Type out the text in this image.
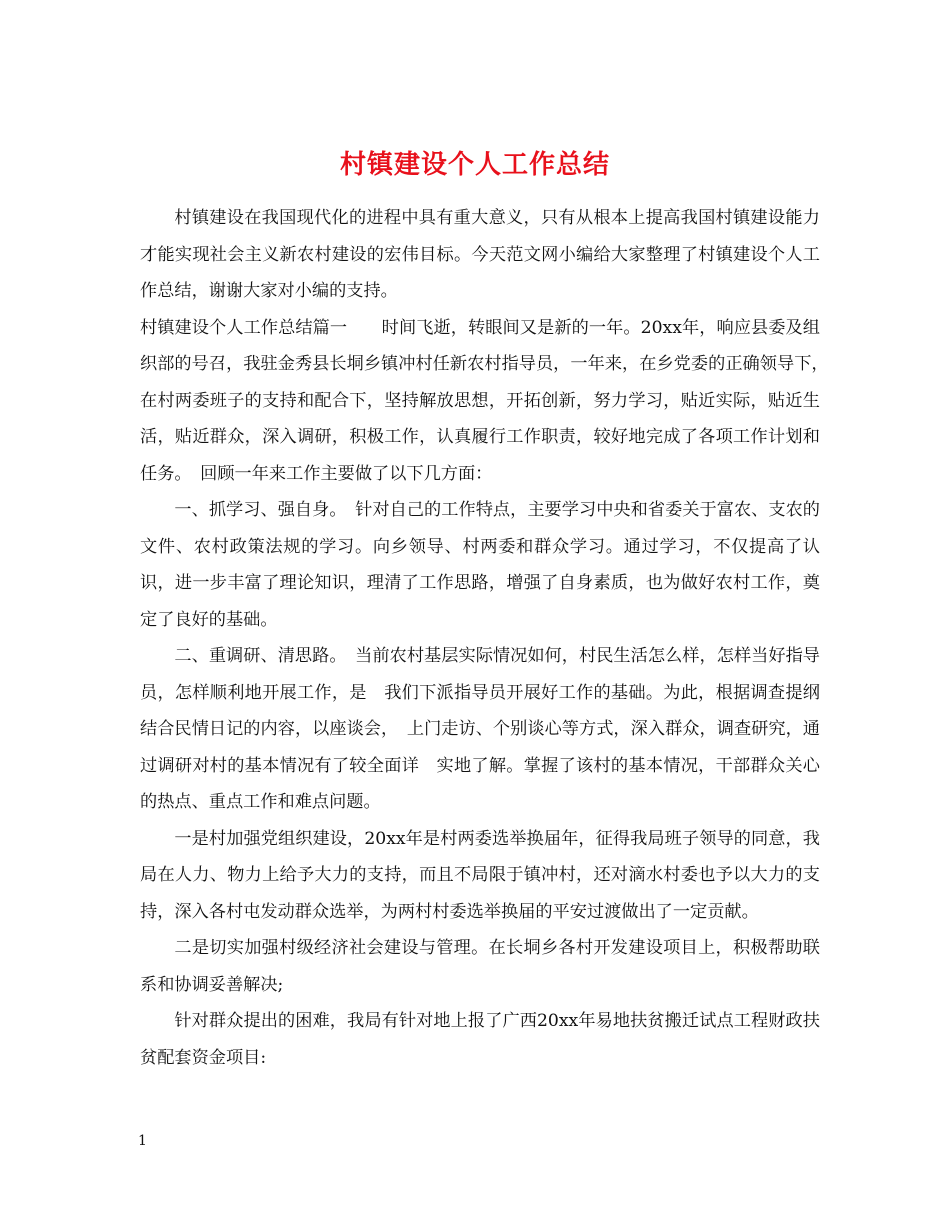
村镇建设个人工作总结

村镇建设在我国现代化的进程中具有重大意义，只有从根本上提高我国村镇建设能力才能实现社会主义新农村建设的宏伟目标。今天范文网小编给大家整理了村镇建设个人工作总结，谢谢大家对小编的支持。

村镇建设个人工作总结篇一　　时间飞逝，转眼间又是新的一年。20xx年，响应县委及组织部的号召，我驻金秀县长垌乡镇冲村任新农村指导员，一年来，在乡党委的正确领导下，　在村两委班子的支持和配合下，坚持解放思想，开拓创新，努力学习，贴近实际，贴近生活，贴近群众，深入调研，积极工作，认真履行工作职责，较好地完成了各项工作计划和任务。　回顾一年来工作主要做了以下几方面：

一、抓学习、强自身。　针对自己的工作特点，主要学习中央和省委关于富农、支农的文件、农村政策法规的学习。向乡领导、村两委和群众学习。通过学习，不仅提高了认识，进一步丰富了理论知识，理清了工作思路，增强了自身素质，也为做好农村工作，奠定了良好的基础。

二、重调研、清思路。　当前农村基层实际情况如何，村民生活怎么样，怎样当好指导员，怎样顺利地开展工作，是　我们下派指导员开展好工作的基础。为此，根据调查提纲结合民情日记的内容，以座谈会，　上门走访、个别谈心等方式，深入群众，调查研究，通过调研对村的基本情况有了较全面详　实地了解。掌握了该村的基本情况，干部群众关心的热点、重点工作和难点问题。

一是村加强党组织建设，20xx年是村两委选举换届年，征得我局班子领导的同意，我局在人力、物力上给予大力的支持，而且不局限于镇冲村，还对滴水村委也予以大力的支持，深入各村屯发动群众选举，为两村村委选举换届的平安过渡做出了一定贡献。

二是切实加强村级经济社会建设与管理。在长垌乡各村开发建设项目上，积极帮助联系和协调妥善解决;

针对群众提出的困难，我局有针对地上报了广西20xx年易地扶贫搬迁试点工程财政扶贫配套资金项目:

1
